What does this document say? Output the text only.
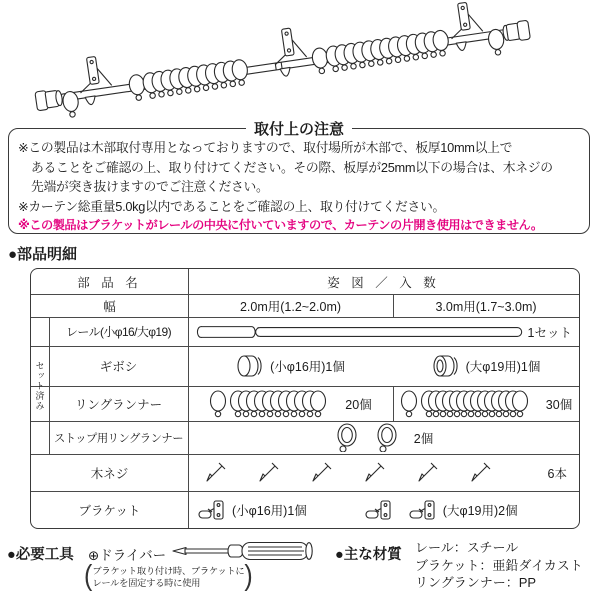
取付上の注意
※この製品は木部取付専用となっておりますので、取付場所が木部で、板厚10mm以上で
あることをご確認の上、取り付けてください。その際、板厚が25mm以下の場合は、木ネジの
先端が突き抜けますのでご注意ください。
※カーテン総重量5.0kg以内であることをご確認の上、取り付けてください。
※この製品はブラケットがレールの中央に付いていますので、カーテンの片開き使用はできません。
●部品明細
部 品 名	姿 図 ／ 入 数
幅	2.0m用(1.2~2.0m)	3.0m用(1.7~3.0m)
セット済み
レール(小φ16/大φ19)	1セット
ギボシ	(小φ16用)1個	(大φ19用)1個
リングランナー	20個	30個
ストップ用リングランナー	2個
木ネジ	6本
ブラケット	(小φ16用)1個	(大φ19用)2個
●必要工具 ⊕ドライバー
( ブラケット取り付け時、ブラケットに
レールを固定する時に使用	)
●主な材質 レール：スチール
ブラケット：亜鉛ダイカスト
リングランナー：PP
